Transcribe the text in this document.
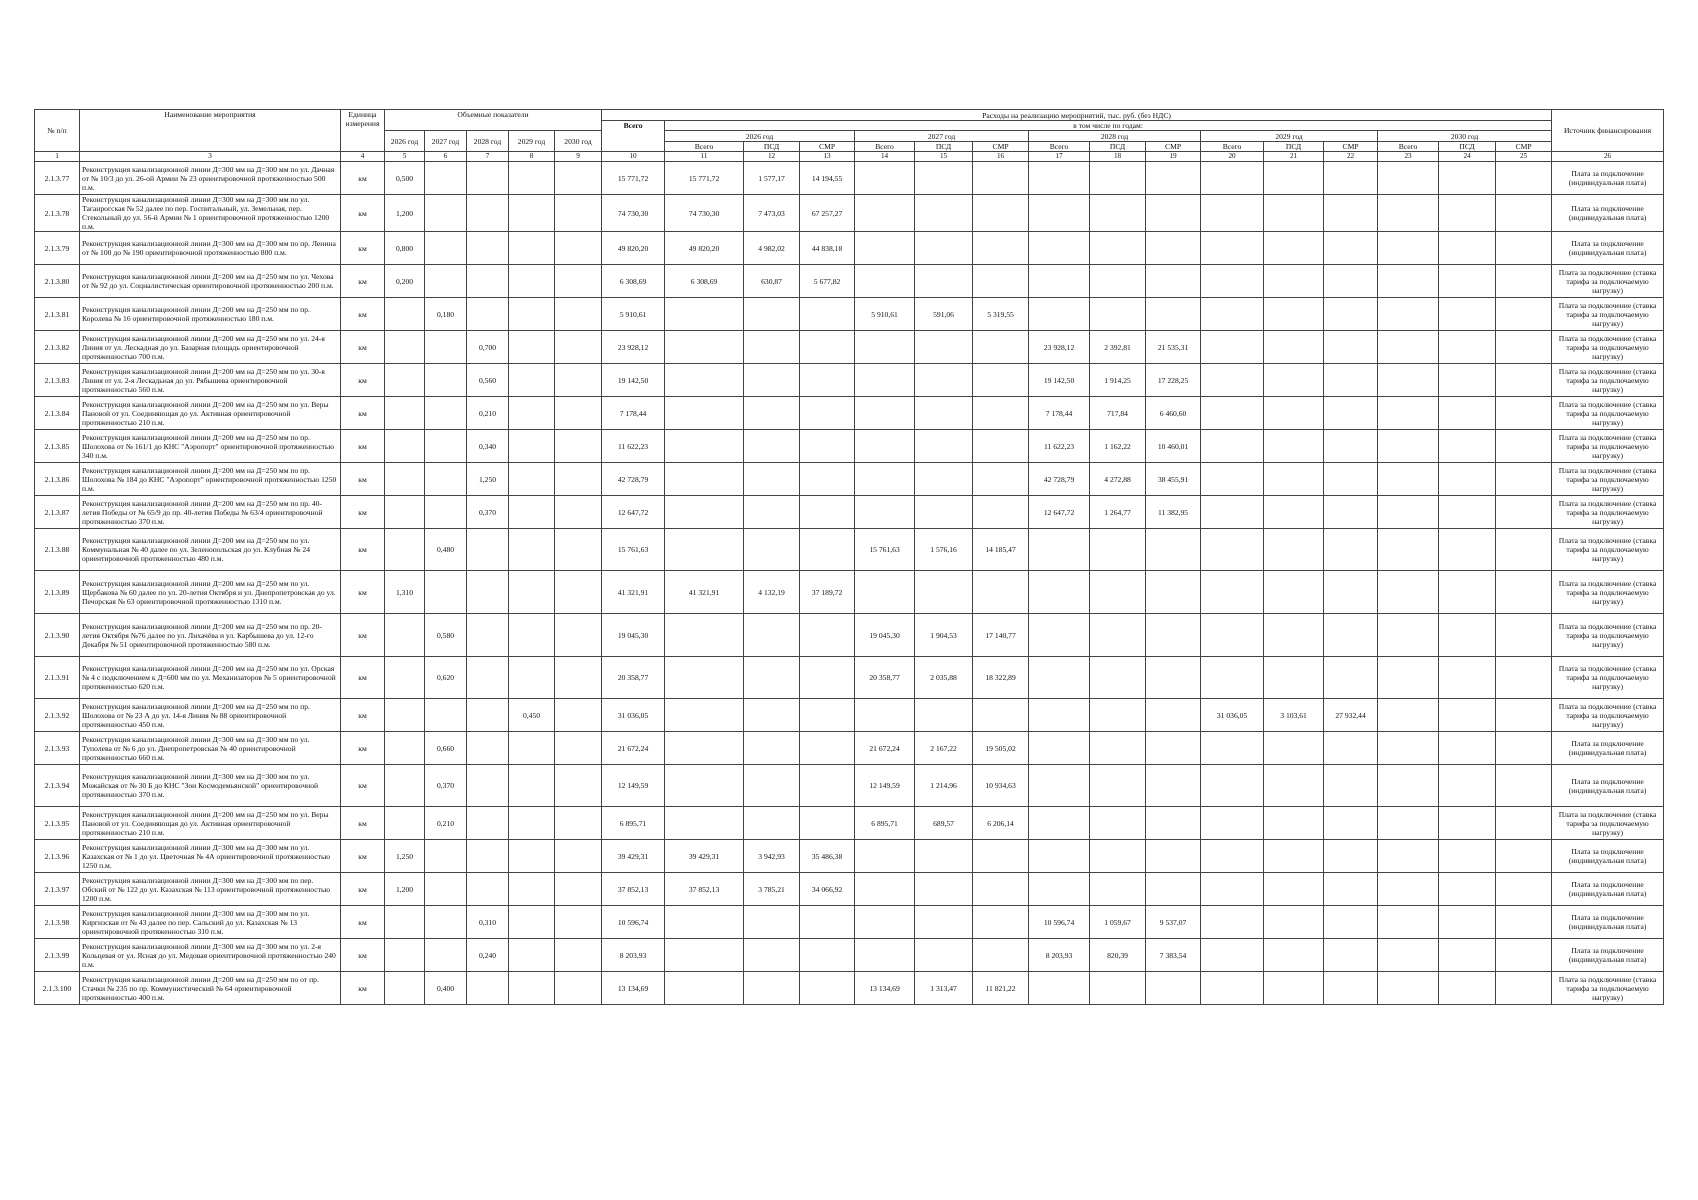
№ п/п	Наименование мероприятия	Единица измерения	Объемные показатели					Расходы на реализацию мероприятий, тыс. руб. (без НДС)																Источник финансирования
								Всего	в том числе по годам:															
			2026 год	2027 год	2028 год	2029 год	2030 год		2026 год			2027 год			2028 год			2029 год			2030 год			
									Всего	ПСД	СМР	Всего	ПСД	СМР	Всего	ПСД	СМР	Всего	ПСД	СМР	Всего	ПСД	СМР	
1	3	4	5	6	7	8	9	10	11	12	13	14	15	16	17	18	19	20	21	22	23	24	25	26
2.1.3.77	Реконструкция канализационной линии Д=300 мм на Д=300 мм по ул. Дачная от № 10/3 до ул. 26-ой Армии № 23 ориентировочной протяженностью 500 п.м.	км	0,500					15 771,72	15 771,72	1 577,17	14 194,55													Плата за подключение (индивидуальная плата)
2.1.3.78	Реконструкция канализационной линии Д=300 мм на Д=300 мм по ул. Таганрогская № 52 далее по пер. Госпитальный, ул. Земельная, пер. Стекольный до ул. 56-й Армии № 1 ориентировочной протяженностью 1200 п.м.	км	1,200					74 730,30	74 730,30	7 473,03	67 257,27													Плата за подключение (индивидуальная плата)
2.1.3.79	Реконструкция канализационной линии Д=300 мм на Д=300 мм по пр. Ленина от № 100 до № 190 ориентировочной протяженностью 800 п.м.	км	0,800					49 820,20	49 820,20	4 982,02	44 838,18													Плата за подключение (индивидуальная плата)
2.1.3.80	Реконструкция канализационной линии Д=200 мм на Д=250 мм по ул. Чехова от № 92 до ул. Социалистическая ориентировочной протяженностью 200 п.м.	км	0,200					6 308,69	6 308,69	630,87	5 677,82													Плата за подключение (ставка тарифа за подключаемую нагрузку)
2.1.3.81	Реконструкция канализационной линии Д=200 мм на Д=250 мм по пр. Королева № 16 ориентировочной протяженностью 180 п.м.	км		0,180				5 910,61				5 910,61	591,06	5 319,55										Плата за подключение (ставка тарифа за подключаемую нагрузку)
2.1.3.82	Реконструкция канализационной линии Д=200 мм на Д=250 мм по ул. 24-я Линия от ул. Лескадная до ул. Базарная площадь ориентировочной протяженностью 700 п.м.	км			0,700			23 928,12							23 928,12	2 392,81	21 535,31							Плата за подключение (ставка тарифа за подключаемую нагрузку)
2.1.3.83	Реконструкция канализационной линии Д=200 мм на Д=250 мм по ул. 30-я Линия от ул. 2-я Лескадьная до ул. Рябышева ориентировочной протяженностью 560 п.м.	км			0,560			19 142,50							19 142,50	1 914,25	17 228,25							Плата за подключение (ставка тарифа за подключаемую нагрузку)
2.1.3.84	Реконструкция канализационной линии Д=200 мм на Д=250 мм по ул. Веры Пановой от ул. Соединяющая до ул. Активная ориентировочной протяженностью 210 п.м.	км			0,210			7 178,44							7 178,44	717,84	6 460,60							Плата за подключение (ставка тарифа за подключаемую нагрузку)
2.1.3.85	Реконструкция канализационной линии Д=200 мм на Д=250 мм по пр. Шолохова от № 161/1 до КНС "Аэропорт" ориентировочной протяженностью 340 п.м.	км			0,340			11 622,23							11 622,23	1 162,22	10 460,01							Плата за подключение (ставка тарифа за подключаемую нагрузку)
2.1.3.86	Реконструкция канализационной линии Д=200 мм на Д=250 мм по пр. Шолохова № 184 до КНС "Аэропорт" ориентировочной протяженностью 1250 п.м.	км			1,250			42 728,79							42 728,79	4 272,88	38 455,91							Плата за подключение (ставка тарифа за подключаемую нагрузку)
2.1.3.87	Реконструкция канализационной линии Д=200 мм на Д=250 мм по пр. 40-летия Победы от № 65/9 до пр. 40-летия Победы № 63/4 ориентировочной протяженностью 370 п.м.	км			0,370			12 647,72							12 647,72	1 264,77	11 382,95							Плата за подключение (ставка тарифа за подключаемую нагрузку)
2.1.3.88	Реконструкция канализационной линии Д=200 мм на Д=250 мм по ул. Коммунальная № 40 далее по ул. Зеленопольская до ул. Клубная № 24 ориентировочной протяженностью 480 п.м.	км		0,480				15 761,63				15 761,63	1 576,16	14 185,47										Плата за подключение (ставка тарифа за подключаемую нагрузку)
2.1.3.89	Реконструкция канализационной линии Д=200 мм на Д=250 мм по ул. Щербакова № 60 далее по ул. 20-летия Октября и ул. Днепропетровская до ул. Печорская № 63 ориентировочной протяженностью 1310 п.м.	км	1,310					41 321,91	41 321,91	4 132,19	37 189,72													Плата за подключение (ставка тарифа за подключаемую нагрузку)
2.1.3.90	Реконструкция канализационной линии Д=200 мм на Д=250 мм по пр. 20-летия Октября №76 далее по ул. Лихачёва и ул. Карбышева до ул. 12-го Декабря № 51 ориентировочной протяженностью 580 п.м.	км		0,580				19 045,30				19 045,30	1 904,53	17 140,77										Плата за подключение (ставка тарифа за подключаемую нагрузку)
2.1.3.91	Реконструкция канализационной линии Д=200 мм на Д=250 мм по ул. Орская № 4 с подключением к Д=600 мм по ул. Механизаторов № 5 ориентировочной протяженностью 620 п.м.	км		0,620				20 358,77				20 358,77	2 035,88	18 322,89										Плата за подключение (ставка тарифа за подключаемую нагрузку)
2.1.3.92	Реконструкция канализационной линии Д=200 мм на Д=250 мм по пр. Шолохова от № 23 А до ул. 14-я Линия № 88 ориентировочной протяженностью 450 п.м.	км				0,450		31 036,05										31 036,05	3 103,61	27 932,44				Плата за подключение (ставка тарифа за подключаемую нагрузку)
2.1.3.93	Реконструкция канализационной линии Д=300 мм на Д=300 мм по ул. Туполева от № 6 до ул. Днепропетровская № 40 ориентировочной протяженностью 660 п.м.	км		0,660				21 672,24				21 672,24	2 167,22	19 505,02										Плата за подключение (индивидуальная плата)
2.1.3.94	Реконструкция канализационной линии Д=300 мм на Д=300 мм по ул. Можайская от № 30 Б до КНС "Зои Космодемьянской" ориентировочной протяженностью 370 п.м.	км		0,370				12 149,59				12 149,59	1 214,96	10 934,63										Плата за подключение (индивидуальная плата)
2.1.3.95	Реконструкция канализационной линии Д=200 мм на Д=250 мм по ул. Веры Пановой от ул. Соединяющая до ул. Активная ориентировочной протяженностью 210 п.м.	км		0,210				6 895,71				6 895,71	689,57	6 206,14										Плата за подключение (ставка тарифа за подключаемую нагрузку)
2.1.3.96	Реконструкция канализационной линии Д=300 мм на Д=300 мм по ул. Казахская от № 1 до ул. Цветочная № 4А ориентировочной протяженностью 1250 п.м.	км	1,250					39 429,31	39 429,31	3 942,93	35 486,38													Плата за подключение (индивидуальная плата)
2.1.3.97	Реконструкция канализационной линии Д=300 мм на Д=300 мм по пер. Обский от № 122 до ул. Казахская № 113 ориентировочной протяженностью 1200 п.м.	км	1,200					37 852,13	37 852,13	3 785,21	34 066,92													Плата за подключение (индивидуальная плата)
2.1.3.98	Реконструкция канализационной линии Д=300 мм на Д=300 мм по ул. Киргизская от № 43 далее по пер. Сальский до ул. Казахская № 13 ориентировочной протяженностью 310 п.м.	км			0,310			10 596,74							10 596,74	1 059,67	9 537,07							Плата за подключение (индивидуальная плата)
2.1.3.99	Реконструкция канализационной линии Д=300 мм на Д=300 мм по ул. 2-я Кольцевая от ул. Ясная до ул. Медовая ориентировочной протяженностью 240 п.м.	км			0,240			8 203,93							8 203,93	820,39	7 383,54							Плата за подключение (индивидуальная плата)
2.1.3.100	Реконструкция канализационной линии Д=200 мм на Д=250 мм по от пр. Стачки № 235 по пр. Коммунистический № 64 ориентировочной протяженностью 400 п.м.	км		0,400				13 134,69				13 134,69	1 313,47	11 821,22										Плата за подключение (ставка тарифа за подключаемую нагрузку)
